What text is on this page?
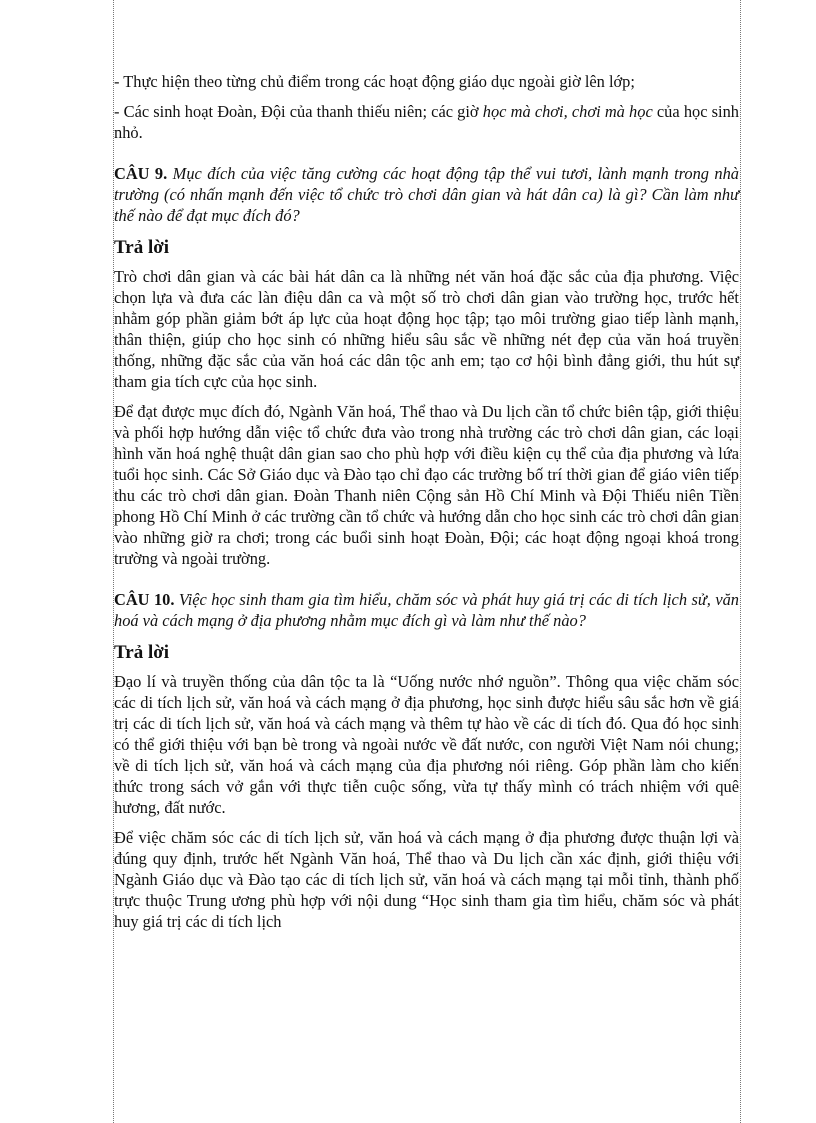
- Thực hiện theo từng chủ điểm trong các hoạt động giáo dục ngoài giờ lên lớp;

- Các sinh hoạt Đoàn, Đội của thanh thiếu niên; các giờ học mà chơi, chơi mà học của học sinh nhỏ.

CÂU 9. Mục đích của việc tăng cường các hoạt động tập thể vui tươi, lành mạnh trong nhà trường (có nhấn mạnh đến việc tổ chức trò chơi dân gian và hát dân ca) là gì? Cần làm như thế nào để đạt mục đích đó?

Trả lời

Trò chơi dân gian và các bài hát dân ca là những nét văn hoá đặc sắc của địa phương. Việc chọn lựa và đưa các làn điệu dân ca và một số trò chơi dân gian vào trường học, trước hết nhằm góp phần giảm bớt áp lực của hoạt động học tập; tạo môi trường giao tiếp lành mạnh, thân thiện, giúp cho học sinh có những hiểu sâu sắc về những nét đẹp của văn hoá truyền thống, những đặc sắc của văn hoá các dân tộc anh em; tạo cơ hội bình đẳng giới, thu hút sự tham gia tích cực của học sinh.

Để đạt được mục đích đó, Ngành Văn hoá, Thể thao và Du lịch cần tổ chức biên tập, giới thiệu và phối hợp hướng dẫn việc tổ chức đưa vào trong nhà trường các trò chơi dân gian, các loại hình văn hoá nghệ thuật dân gian sao cho phù hợp với điều kiện cụ thể của địa phương và lứa tuổi học sinh. Các Sở Giáo dục và Đào tạo chỉ đạo các trường bố trí thời gian để giáo viên tiếp thu các trò chơi dân gian. Đoàn Thanh niên Cộng sản Hồ Chí Minh và Đội Thiếu niên Tiền phong Hồ Chí Minh ở các trường cần tổ chức và hướng dẫn cho học sinh các trò chơi dân gian vào những giờ ra chơi; trong các buổi sinh hoạt Đoàn, Đội; các hoạt động ngoại khoá trong trường và ngoài trường.

CÂU 10. Việc học sinh tham gia tìm hiểu, chăm sóc và phát huy giá trị các di tích lịch sử, văn hoá và cách mạng ở địa phương nhằm mục đích gì và làm như thế nào?

Trả lời

Đạo lí và truyền thống của dân tộc ta là “Uống nước nhớ nguồn”. Thông qua việc chăm sóc các di tích lịch sử, văn hoá và cách mạng ở địa phương, học sinh được hiểu sâu sắc hơn về giá trị các di tích lịch sử, văn hoá và cách mạng và thêm tự hào về các di tích đó. Qua đó học sinh có thể giới thiệu với bạn bè trong và ngoài nước về đất nước, con người Việt Nam nói chung; về di tích lịch sử, văn hoá và cách mạng của địa phương nói riêng. Góp phần làm cho kiến thức trong sách vở gắn với thực tiễn cuộc sống, vừa tự thấy mình có trách nhiệm với quê hương, đất nước.

Để việc chăm sóc các di tích lịch sử, văn hoá và cách mạng ở địa phương được thuận lợi và đúng quy định, trước hết Ngành Văn hoá, Thể thao và Du lịch cần xác định, giới thiệu với Ngành Giáo dục và Đào tạo các di tích lịch sử, văn hoá và cách mạng tại mỗi tỉnh, thành phố trực thuộc Trung ương phù hợp với nội dung “Học sinh tham gia tìm hiểu, chăm sóc và phát huy giá trị các di tích lịch
